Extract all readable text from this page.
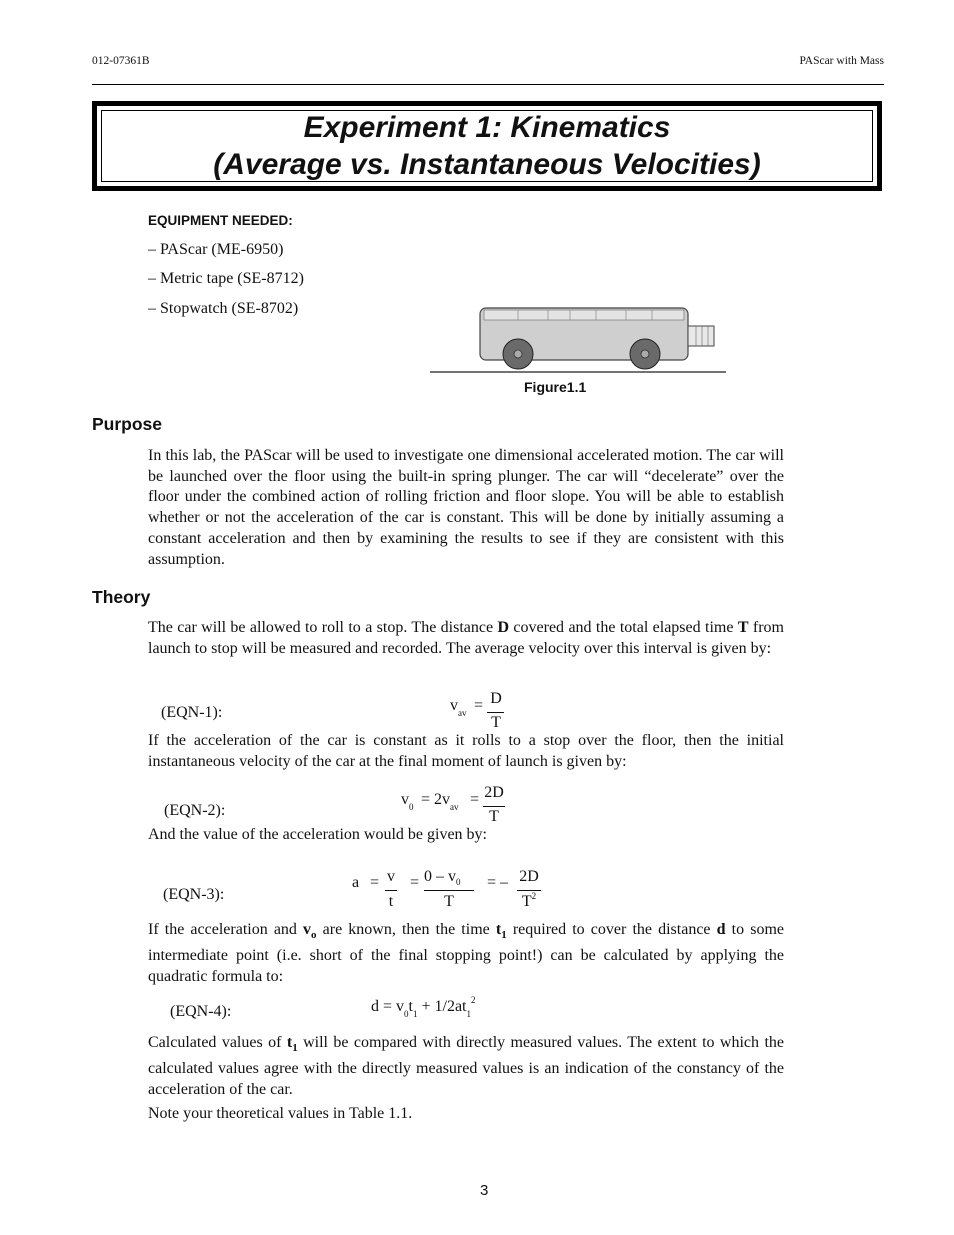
012-07361B	PAScar with Mass
Experiment 1: Kinematics
(Average vs. Instantaneous Velocities)
EQUIPMENT NEEDED:
– PAScar (ME-6950)
– Metric tape (SE-8712)
– Stopwatch (SE-8702)
Figure1.1
Purpose

In this lab, the PAScar will be used to investigate one dimensional accelerated motion. The car will be launched over the floor using the built-in spring plunger. The car will “decelerate” over the floor under the combined action of rolling friction and floor slope. You will be able to establish whether or not the acceleration of the car is constant. This will be done by initially assuming a constant acceleration and then by examining the results to see if they are consistent with this assumption.

Theory

The car will be allowed to roll to a stop. The distance D covered and the total elapsed time T from launch to stop will be measured and recorded. The average velocity over this interval is given by:

(EQN-1):	$v_{av} = D$
T

If the acceleration of the car is constant as it rolls to a stop over the floor, then the initial instantaneous velocity of the car at the final moment of launch is given by:

(EQN-2):
$v_0 = 2v_{av} = 2D$
T

And the value of the acceleration would be given by:

(EQN-3):
a = v
t
= $0 - v_0$
T
= – 2D
$T^2$

If the acceleration and $v_o$ are known, then the time $t_1$ required to cover the distance d to some intermediate point (i.e. short of the final stopping point!) can be calculated by applying the quadratic formula to:

(EQN-4):	$d = v_0t_1 + 1/2at_1^2$

Calculated values of $t_1$ will be compared with directly measured values. The extent to which the calculated values agree with the directly measured values is an indication of the constancy of the acceleration of the car.

Note your theoretical values in Table 1.1.

3
